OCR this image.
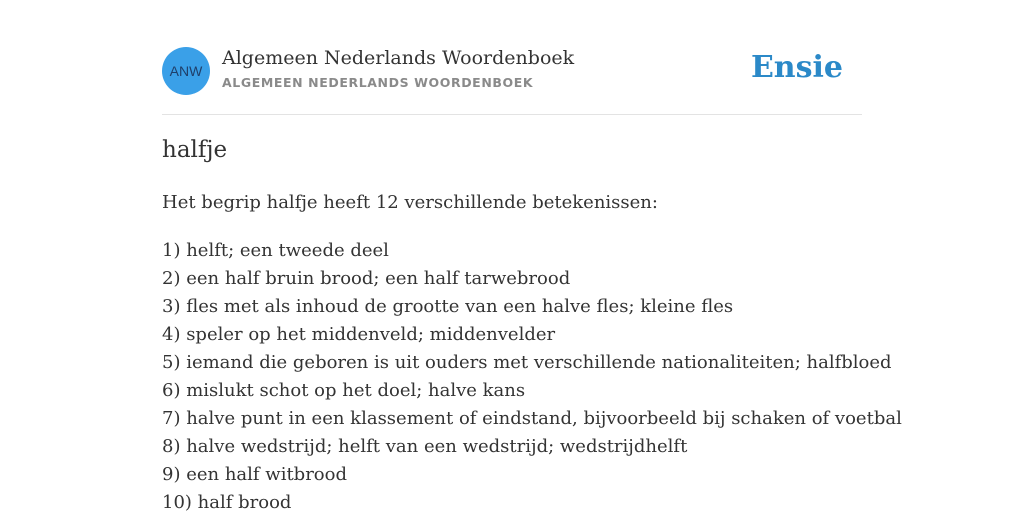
ANW
Algemeen Nederlands Woordenboek
ALGEMEEN NEDERLANDS WOORDENBOEK	Ensie
halfje

Het begrip halfje heeft 12 verschillende betekenissen:

1) helft; een tweede deel
2) een half bruin brood; een half tarwebrood
3) fles met als inhoud de grootte van een halve fles; kleine fles
4) speler op het middenveld; middenvelder
5) iemand die geboren is uit ouders met verschillende nationaliteiten; halfbloed
6) mislukt schot op het doel; halve kans
7) halve punt in een klassement of eindstand, bijvoorbeeld bij schaken of voetbal
8) halve wedstrijd; helft van een wedstrijd; wedstrijdhelft
9) een half witbrood
10) half brood
